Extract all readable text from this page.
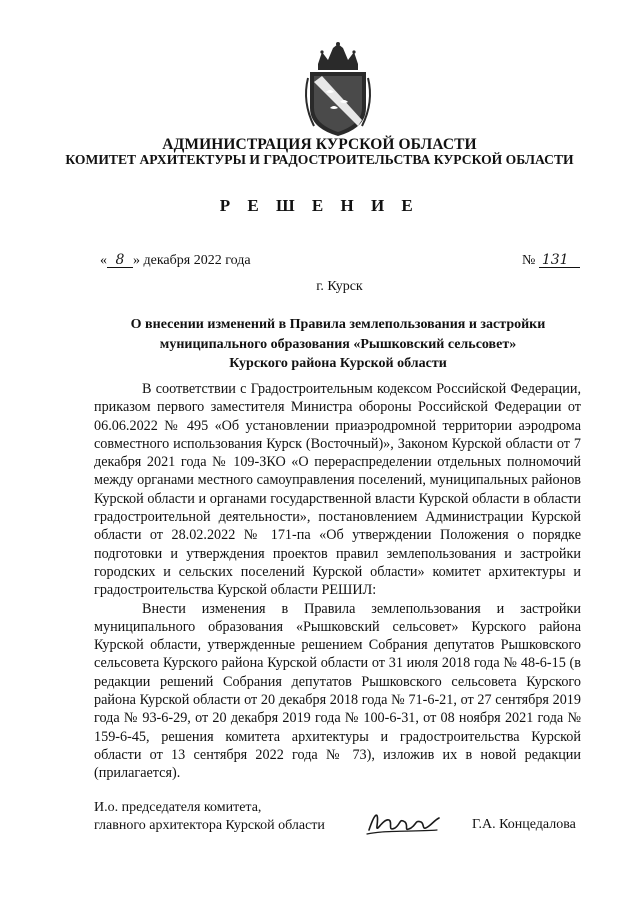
АДМИНИСТРАЦИЯ КУРСКОЙ ОБЛАСТИ
КОМИТЕТ АРХИТЕКТУРЫ И ГРАДОСТРОИТЕЛЬСТВА КУРСКОЙ ОБЛАСТИ
Р Е Ш Е Н И Е
« 8 » декабря 2022 года	№ 131
г. Курск
О внесении изменений в Правила землепользования и застройки
муниципального образования «Рышковский сельсовет»
Курского района Курской области

В соответствии с Градостроительным кодексом Российской Федерации, приказом первого заместителя Министра обороны Российской Федерации от 06.06.2022 № 495 «Об установлении приаэродромной территории аэродрома совместного использования Курск (Восточный)», Законом Курской области от 7 декабря 2021 года № 109-ЗКО «О перераспределении отдельных полномочий между органами местного самоуправления поселений, муниципальных районов Курской области и органами государственной власти Курской области в области градостроительной деятельности», постановлением Администрации Курской области от 28.02.2022 № 171-па «Об утверждении Положения о порядке подготовки и утверждения проектов правил землепользования и застройки городских и сельских поселений Курской области» комитет архитектуры и градостроительства Курской области РЕШИЛ:

Внести изменения в Правила землепользования и застройки муниципального образования «Рышковский сельсовет» Курского района Курской области, утвержденные решением Собрания депутатов Рышковского сельсовета Курского района Курской области от 31 июля 2018 года № 48-6-15 (в редакции решений Собрания депутатов Рышковского сельсовета Курского района Курской области от 20 декабря 2018 года № 71-6-21, от 27 сентября 2019 года № 93-6-29, от 20 декабря 2019 года № 100-6-31, от 08 ноября 2021 года № 159-6-45, решения комитета архитектуры и градостроительства Курской области от 13 сентября 2022 года № 73), изложив их в новой редакции (прилагается).

И.о. председателя комитета,
главного архитектора Курской области	Г.А. Концедалова
